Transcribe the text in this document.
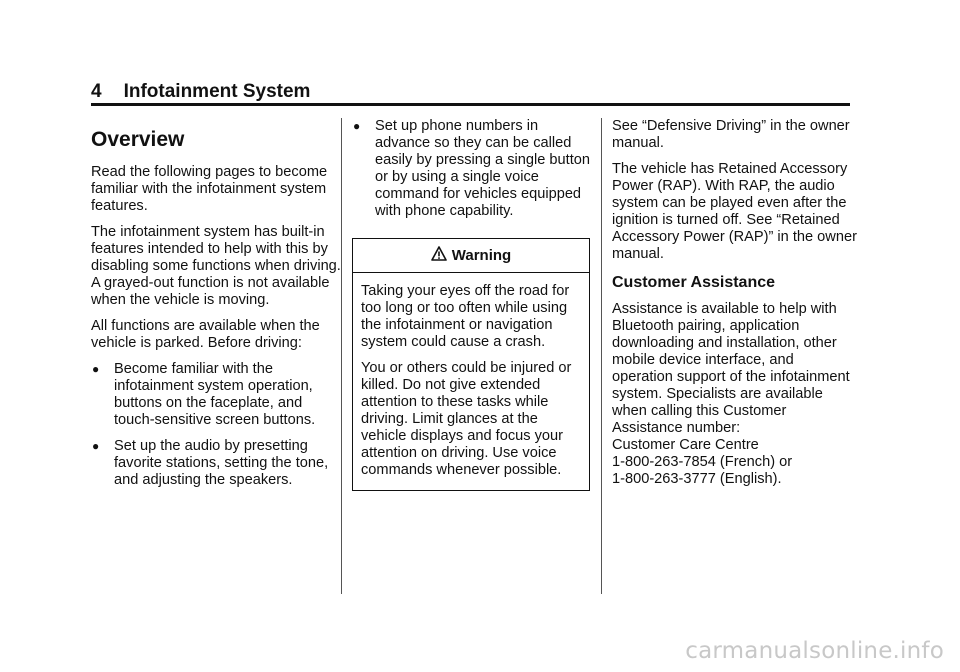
4 Infotainment System
Overview

Read the following pages to become familiar with the infotainment system features.

The infotainment system has built-in features intended to help with this by disabling some functions when driving. A grayed-out function is not available when the vehicle is moving.

All functions are available when the vehicle is parked. Before driving:

● Become familiar with the infotainment system operation, buttons on the faceplate, and touch-sensitive screen buttons.
● Set up the audio by presetting favorite stations, setting the tone, and adjusting the speakers.
● Set up phone numbers in advance so they can be called easily by pressing a single button or by using a single voice command for vehicles equipped with phone capability.
Warning

Taking your eyes off the road for too long or too often while using the infotainment or navigation system could cause a crash.

You or others could be injured or killed. Do not give extended attention to these tasks while driving. Limit glances at the vehicle displays and focus your attention on driving. Use voice commands whenever possible.

See “Defensive Driving” in the owner manual.

The vehicle has Retained Accessory Power (RAP). With RAP, the audio system can be played even after the ignition is turned off. See “Retained Accessory Power (RAP)” in the owner manual.

Customer Assistance

Assistance is available to help with Bluetooth pairing, application downloading and installation, other mobile device interface, and operation support of the infotainment system. Specialists are available when calling this Customer Assistance number:

Customer Care Centre
1-800-263-7854 (French) or
1-800-263-3777 (English).
carmanualsonline.info
